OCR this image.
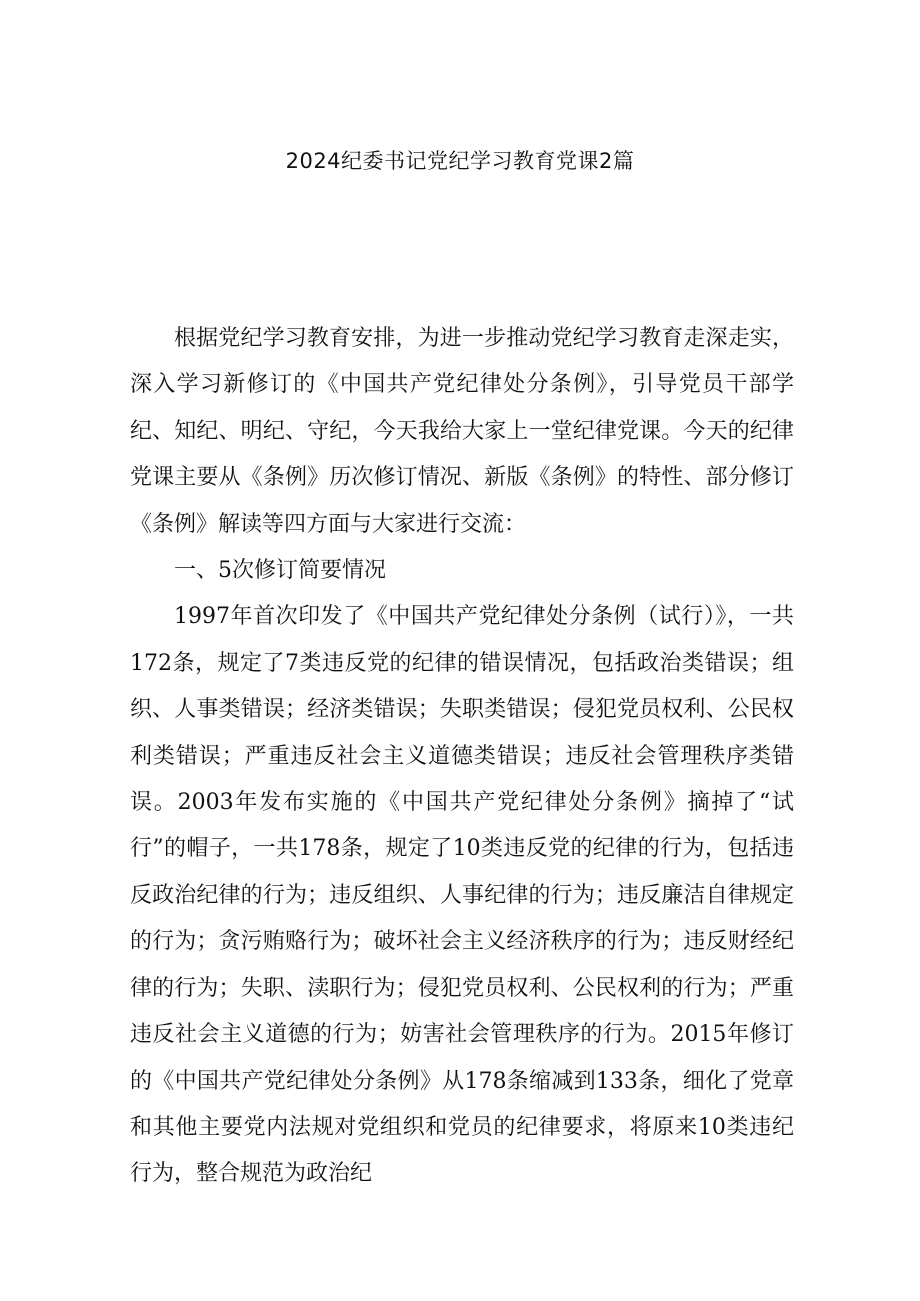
2024纪委书记党纪学习教育党课2篇

根据党纪学习教育安排，为进一步推动党纪学习教育走深走实，深入学习新修订的《中国共产党纪律处分条例》，引导党员干部学纪、知纪、明纪、守纪，今天我给大家上一堂纪律党课。今天的纪律党课主要从《条例》历次修订情况、新版《条例》的特性、部分修订《条例》解读等四方面与大家进行交流：

一、5次修订简要情况

1997年首次印发了《中国共产党纪律处分条例（试行）》，一共172条，规定了7类违反党的纪律的错误情况，包括政治类错误；组织、人事类错误；经济类错误；失职类错误；侵犯党员权利、公民权利类错误；严重违反社会主义道德类错误；违反社会管理秩序类错误。2003年发布实施的《中国共产党纪律处分条例》摘掉了“试行”的帽子，一共178条，规定了10类违反党的纪律的行为，包括违反政治纪律的行为；违反组织、人事纪律的行为；违反廉洁自律规定的行为；贪污贿赂行为；破坏社会主义经济秩序的行为；违反财经纪律的行为；失职、渎职行为；侵犯党员权利、公民权利的行为；严重违反社会主义道德的行为；妨害社会管理秩序的行为。2015年修订的《中国共产党纪律处分条例》从178条缩减到133条，细化了党章和其他主要党内法规对党组织和党员的纪律要求，将原来10类违纪行为，整合规范为政治纪
